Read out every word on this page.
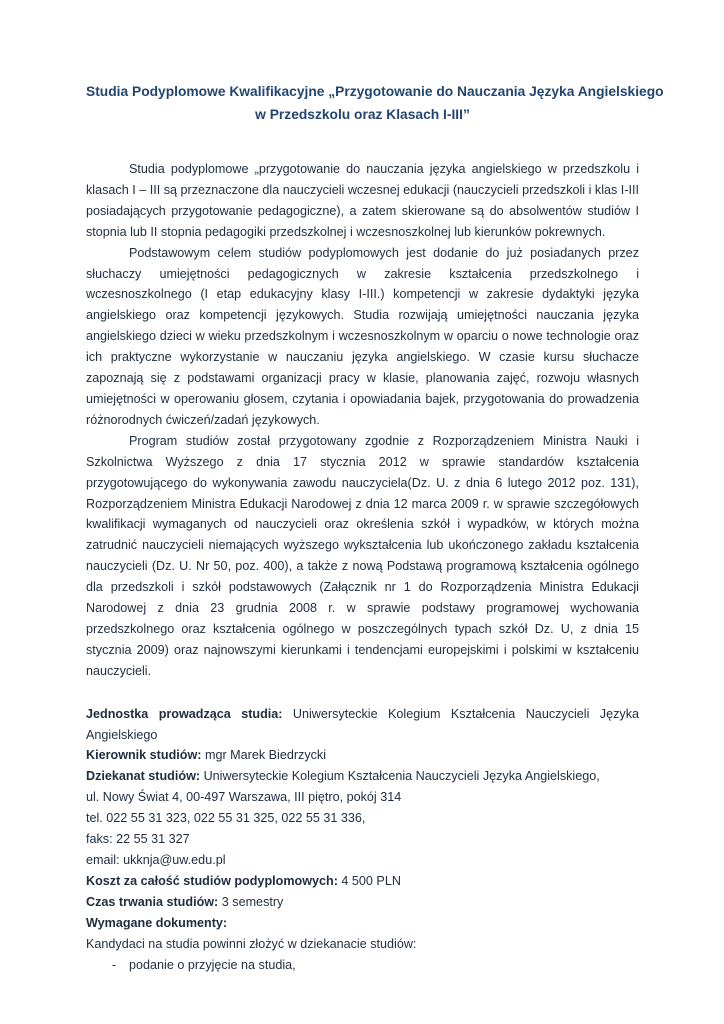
Studia Podyplomowe Kwalifikacyjne „Przygotowanie do Nauczania Języka Angielskiego
w Przedszkolu oraz Klasach I-III”

Studia podyplomowe „przygotowanie do nauczania języka angielskiego w przedszkolu i klasach I – III są przeznaczone dla nauczycieli wczesnej edukacji (nauczycieli przedszkoli i klas I-III posiadających przygotowanie pedagogiczne), a zatem skierowane są do absolwentów studiów I stopnia lub II stopnia pedagogiki przedszkolnej i wczesnoszkolnej lub kierunków pokrewnych.

Podstawowym celem studiów podyplomowych jest dodanie do już posiadanych przez słuchaczy umiejętności pedagogicznych w zakresie kształcenia przedszkolnego i wczesnoszkolnego (I etap edukacyjny klasy I-III.) kompetencji w zakresie dydaktyki języka angielskiego oraz kompetencji językowych. Studia rozwijają umiejętności nauczania języka angielskiego dzieci w wieku przedszkolnym i wczesnoszkolnym w oparciu o nowe technologie oraz ich praktyczne wykorzystanie w nauczaniu języka angielskiego. W czasie kursu słuchacze zapoznają się z podstawami organizacji pracy w klasie, planowania zajęć, rozwoju własnych umiejętności w operowaniu głosem, czytania i opowiadania bajek, przygotowania do prowadzenia różnorodnych ćwiczeń/zadań językowych.

Program studiów został przygotowany zgodnie z Rozporządzeniem Ministra Nauki i Szkolnictwa Wyższego z dnia 17 stycznia 2012 w sprawie standardów kształcenia przygotowującego do wykonywania zawodu nauczyciela(Dz. U. z dnia 6 lutego 2012 poz. 131), Rozporządzeniem Ministra Edukacji Narodowej z dnia 12 marca 2009 r. w sprawie szczegółowych kwalifikacji wymaganych od nauczycieli oraz określenia szkół i wypadków, w których można zatrudnić nauczycieli niemających wyższego wykształcenia lub ukończonego zakładu kształcenia nauczycieli (Dz. U. Nr 50, poz. 400), a także z nową Podstawą programową kształcenia ogólnego dla przedszkoli i szkół podstawowych (Załącznik nr 1 do Rozporządzenia Ministra Edukacji Narodowej z dnia 23 grudnia 2008 r. w sprawie podstawy programowej wychowania przedszkolnego oraz kształcenia ogólnego w poszczególnych typach szkół Dz. U, z dnia 15 stycznia 2009) oraz najnowszymi kierunkami i tendencjami europejskimi i polskimi w kształceniu nauczycieli.

Jednostka prowadząca studia: Uniwersyteckie Kolegium Kształcenia Nauczycieli Języka Angielskiego

Kierownik studiów: mgr Marek Biedrzycki

Dziekanat studiów: Uniwersyteckie Kolegium Kształcenia Nauczycieli Języka Angielskiego,

ul. Nowy Świat 4, 00-497 Warszawa, III piętro, pokój 314

tel. 022 55 31 323, 022 55 31 325, 022 55 31 336,

faks: 22 55 31 327

email: ukknja@uw.edu.pl

Koszt za całość studiów podyplomowych: 4 500 PLN

Czas trwania studiów: 3 semestry

Wymagane dokumenty:

Kandydaci na studia powinni złożyć w dziekanacie studiów:

- podanie o przyjęcie na studia,
